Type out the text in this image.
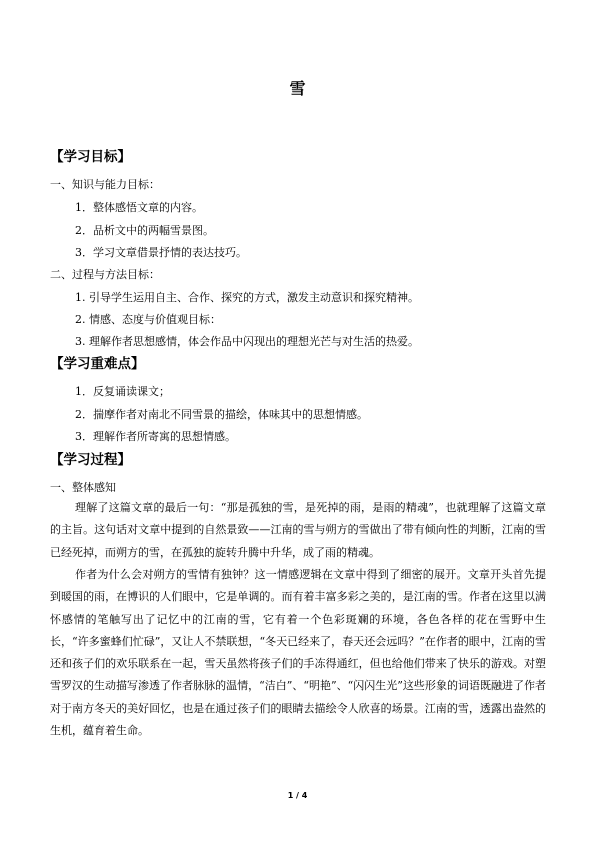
雪
【学习目标】
一、知识与能力目标：
1．整体感悟文章的内容。
2．品析文中的两幅雪景图。
3．学习文章借景抒情的表达技巧。
二、过程与方法目标：
1. 引导学生运用自主、合作、探究的方式，激发主动意识和探究精神。
2. 情感、态度与价值观目标：
3. 理解作者思想感情，体会作品中闪现出的理想光芒与对生活的热爱。
【学习重难点】
1．反复诵读课文；
2．揣摩作者对南北不同雪景的描绘，体味其中的思想情感。
3．理解作者所寄寓的思想情感。
【学习过程】
一、整体感知

理解了这篇文章的最后一句：“那是孤独的雪，是死掉的雨，是雨的精魂”，也就理解了这篇文章的主旨。这句话对文章中提到的自然景致——江南的雪与朔方的雪做出了带有倾向性的判断，江南的雪已经死掉，而朔方的雪，在孤独的旋转升腾中升华，成了雨的精魂。

作者为什么会对朔方的雪情有独钟？这一情感逻辑在文章中得到了细密的展开。文章开头首先提到暖国的雨，在博识的人们眼中，它是单调的。而有着丰富多彩之美的，是江南的雪。作者在这里以满怀感情的笔触写出了记忆中的江南的雪，它有着一个色彩斑斓的环境，各色各样的花在雪野中生长，“许多蜜蜂们忙碌”，又让人不禁联想，“冬天已经来了，春天还会远吗？”在作者的眼中，江南的雪还和孩子们的欢乐联系在一起，雪天虽然将孩子们的手冻得通红，但也给他们带来了快乐的游戏。对塑雪罗汉的生动描写渗透了作者脉脉的温情，“洁白”、“明艳”、“闪闪生光”这些形象的词语既融进了作者对于南方冬天的美好回忆，也是在通过孩子们的眼睛去描绘令人欣喜的场景。江南的雪，透露出盎然的生机，蕴育着生命。

1 / 4
